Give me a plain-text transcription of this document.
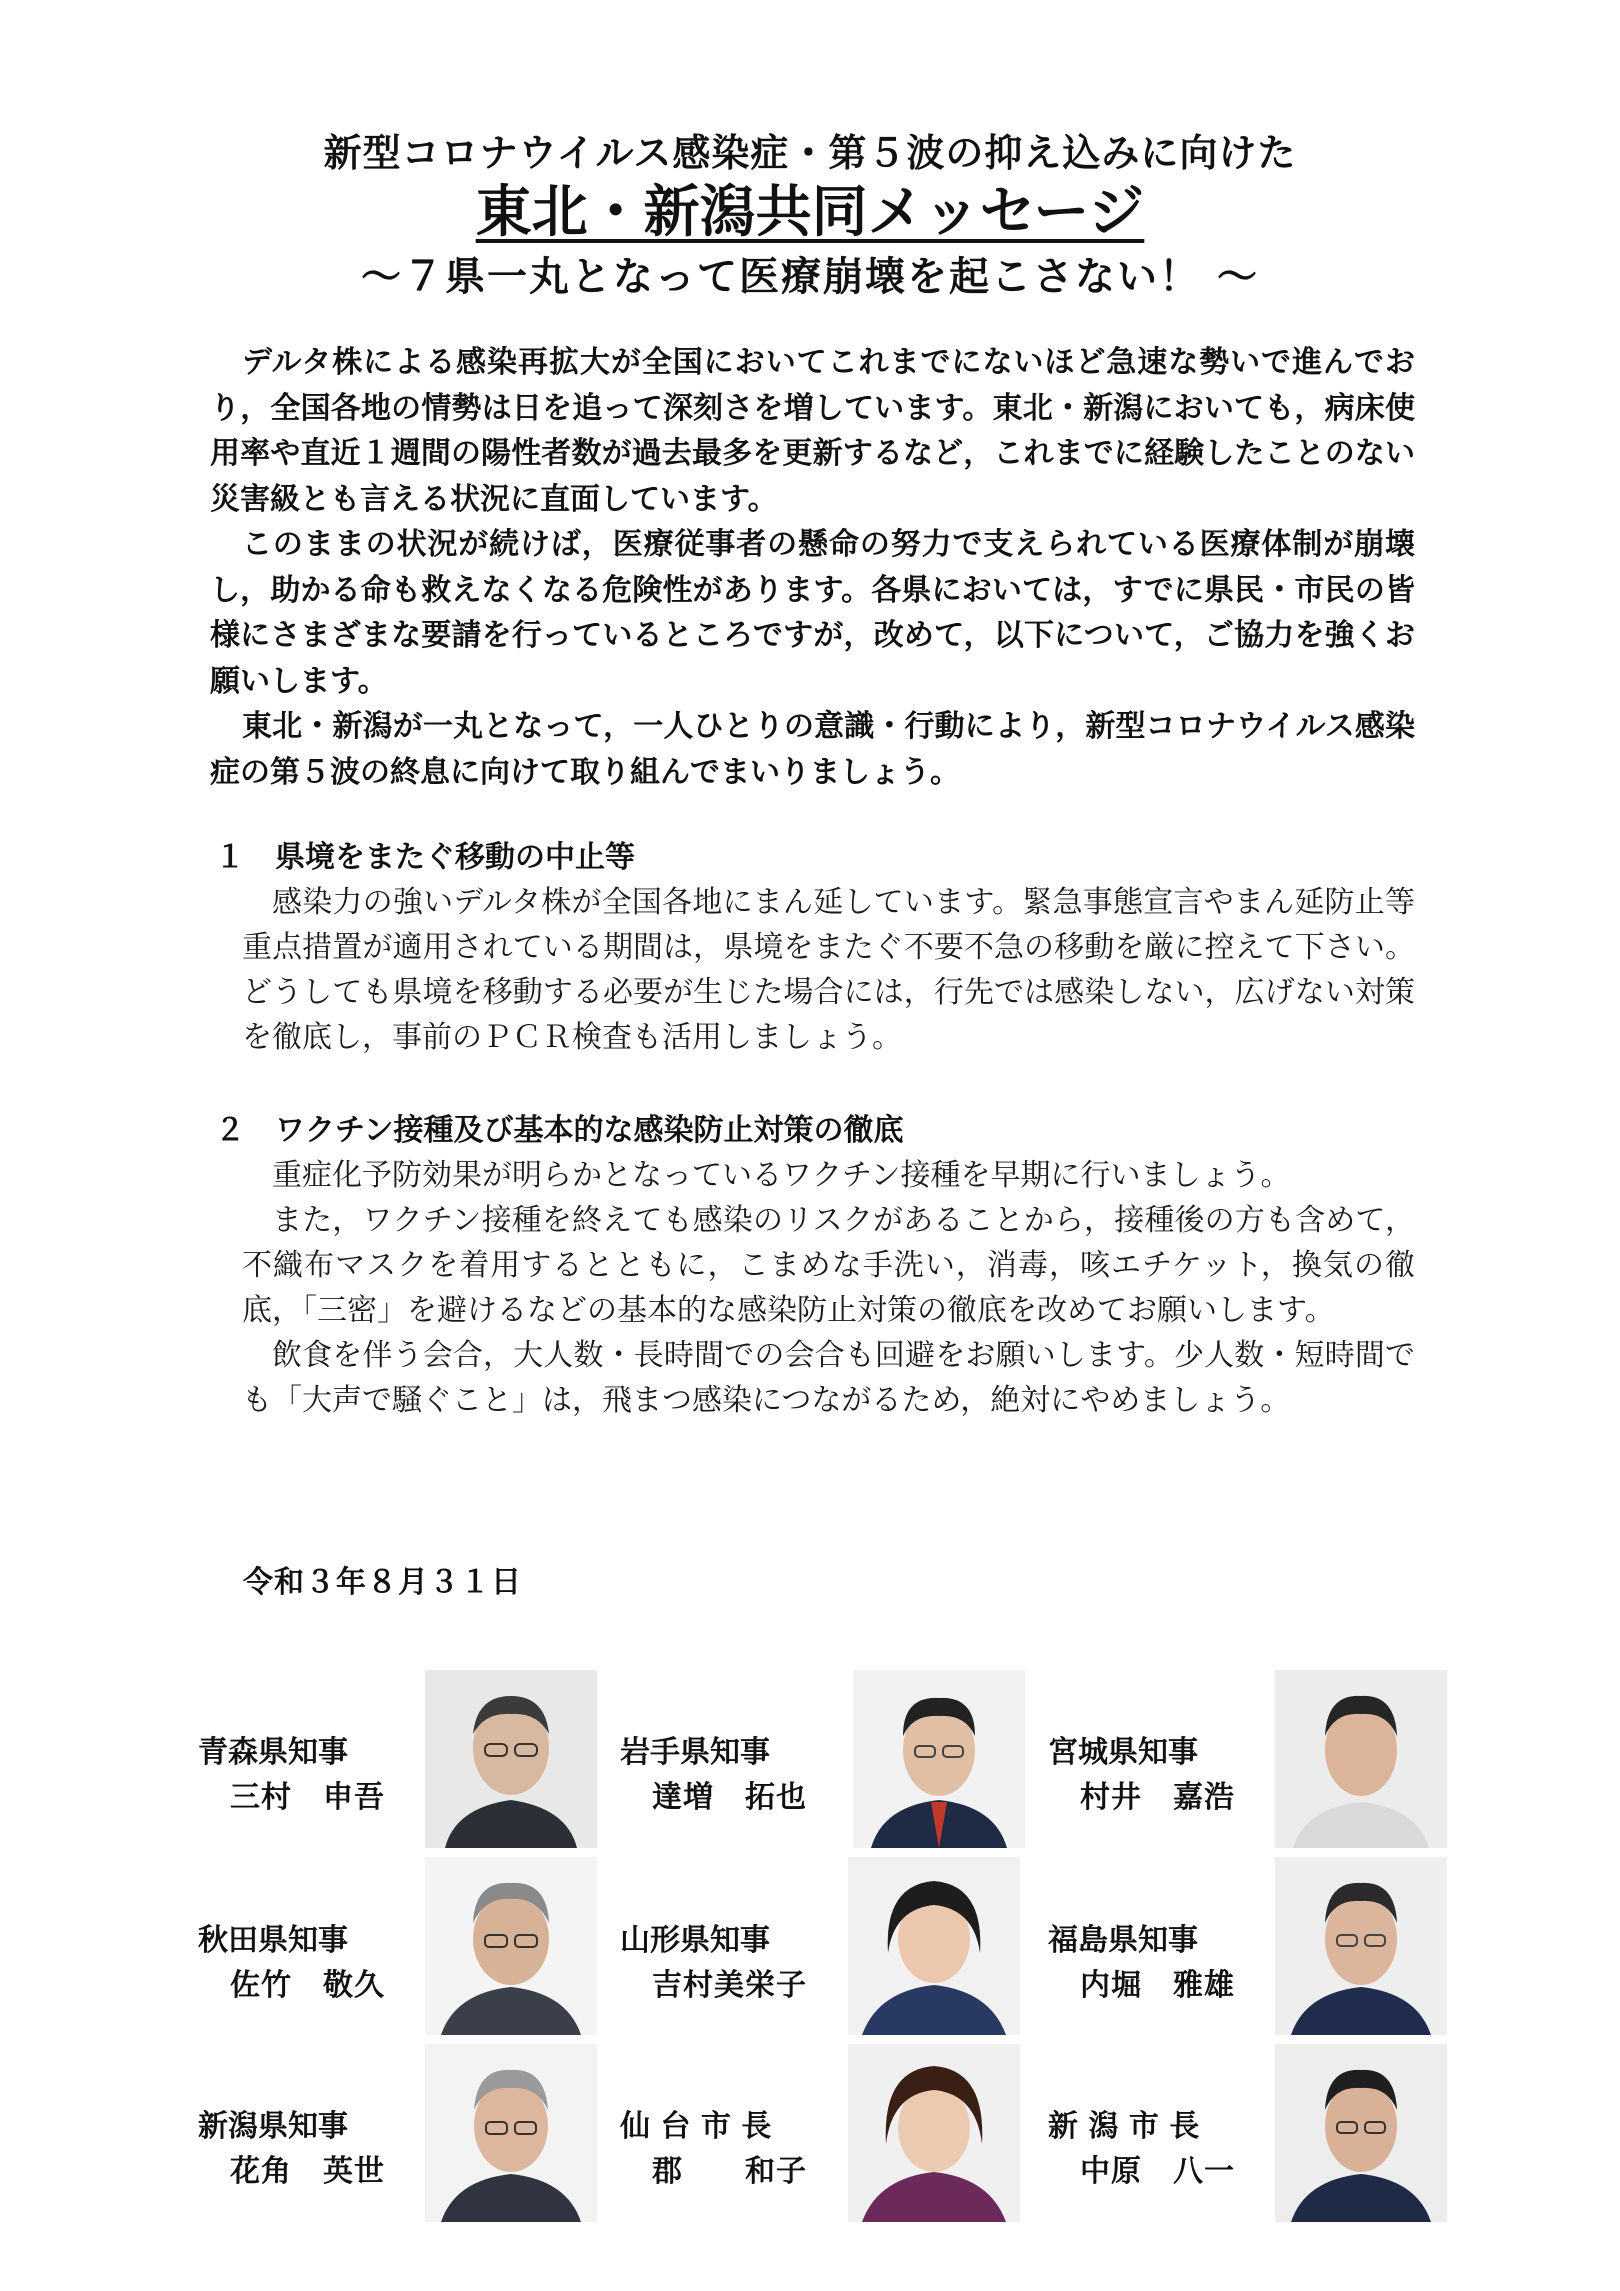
新型コロナウイルス感染症・第５波の抑え込みに向けた
東北・新潟共同メッセージ
～７県一丸となって医療崩壊を起こさない！ ～

デルタ株による感染再拡大が全国においてこれまでにないほど急速な勢いで進んでおり，全国各地の情勢は日を追って深刻さを増しています。東北・新潟においても，病床使用率や直近１週間の陽性者数が過去最多を更新するなど，これまでに経験したことのない災害級とも言える状況に直面しています。

このままの状況が続けば，医療従事者の懸命の努力で支えられている医療体制が崩壊し，助かる命も救えなくなる危険性があります。各県においては，すでに県民・市民の皆様にさまざまな要請を行っているところですが，改めて，以下について，ご協力を強くお願いします。

東北・新潟が一丸となって，一人ひとりの意識・行動により，新型コロナウイルス感染症の第５波の終息に向けて取り組んでまいりましょう。

１ 県境をまたぐ移動の中止等

感染力の強いデルタ株が全国各地にまん延しています。緊急事態宣言やまん延防止等重点措置が適用されている期間は，県境をまたぐ不要不急の移動を厳に控えて下さい。どうしても県境を移動する必要が生じた場合には，行先では感染しない，広げない対策を徹底し，事前のＰＣＲ検査も活用しましょう。

２ ワクチン接種及び基本的な感染防止対策の徹底

重症化予防効果が明らかとなっているワクチン接種を早期に行いましょう。

また，ワクチン接種を終えても感染のリスクがあることから，接種後の方も含めて，不織布マスクを着用するとともに，こまめな手洗い，消毒，咳エチケット，換気の徹底，「三密」を避けるなどの基本的な感染防止対策の徹底を改めてお願いします。

飲食を伴う会合，大人数・長時間での会合も回避をお願いします。少人数・短時間でも「大声で騒ぐこと」は，飛まつ感染につながるため，絶対にやめましょう。

令和３年８月３１日
青森県知事
三村　申吾
岩手県知事
達増　拓也
宮城県知事
村井　嘉浩
秋田県知事
佐竹　敬久
山形県知事
吉村美栄子
福島県知事
内堀　雅雄
新潟県知事
花角　英世
仙 台 市 長
郡　　和子
新 潟 市 長
中原　八一
